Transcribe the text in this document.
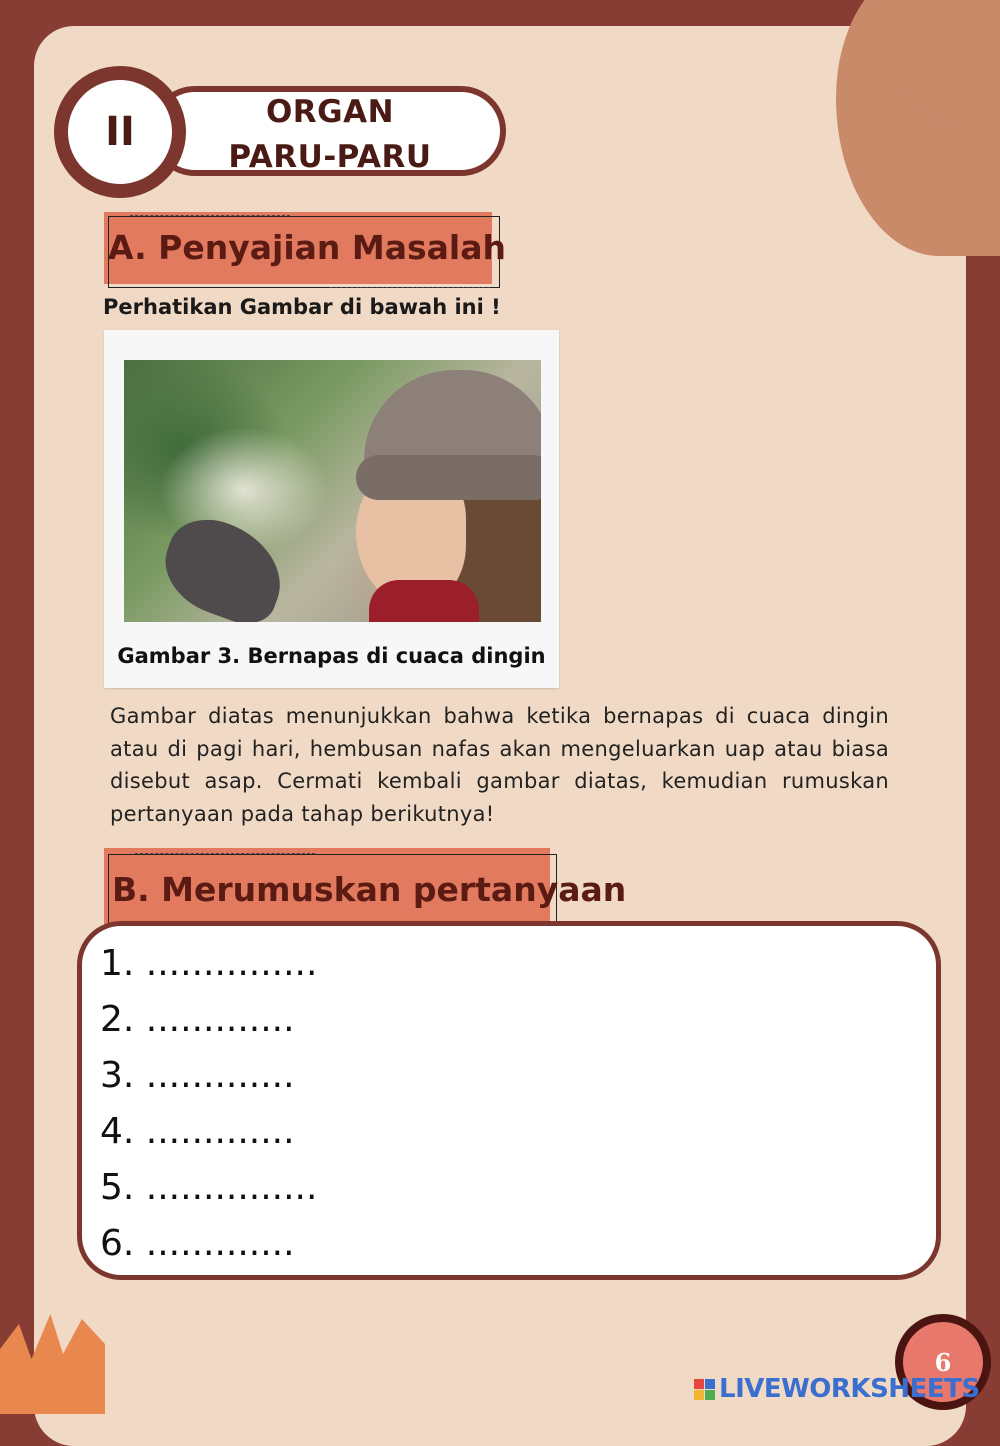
ORGAN
PARU-PARU
II
A. Penyajian Masalah
Perhatikan Gambar di bawah ini !
Gambar 3. Bernapas di cuaca dingin
Gambar diatas menunjukkan bahwa ketika bernapas di cuaca dingin atau di pagi hari, hembusan nafas akan mengeluarkan uap atau biasa disebut asap. Cermati kembali gambar diatas, kemudian rumuskan pertanyaan pada tahap berikutnya!
B. Merumuskan pertanyaan
1. ...............
2. .............
3. .............
4. .............
5. ...............
6. .............
6
LIVEWORKSHEETS
